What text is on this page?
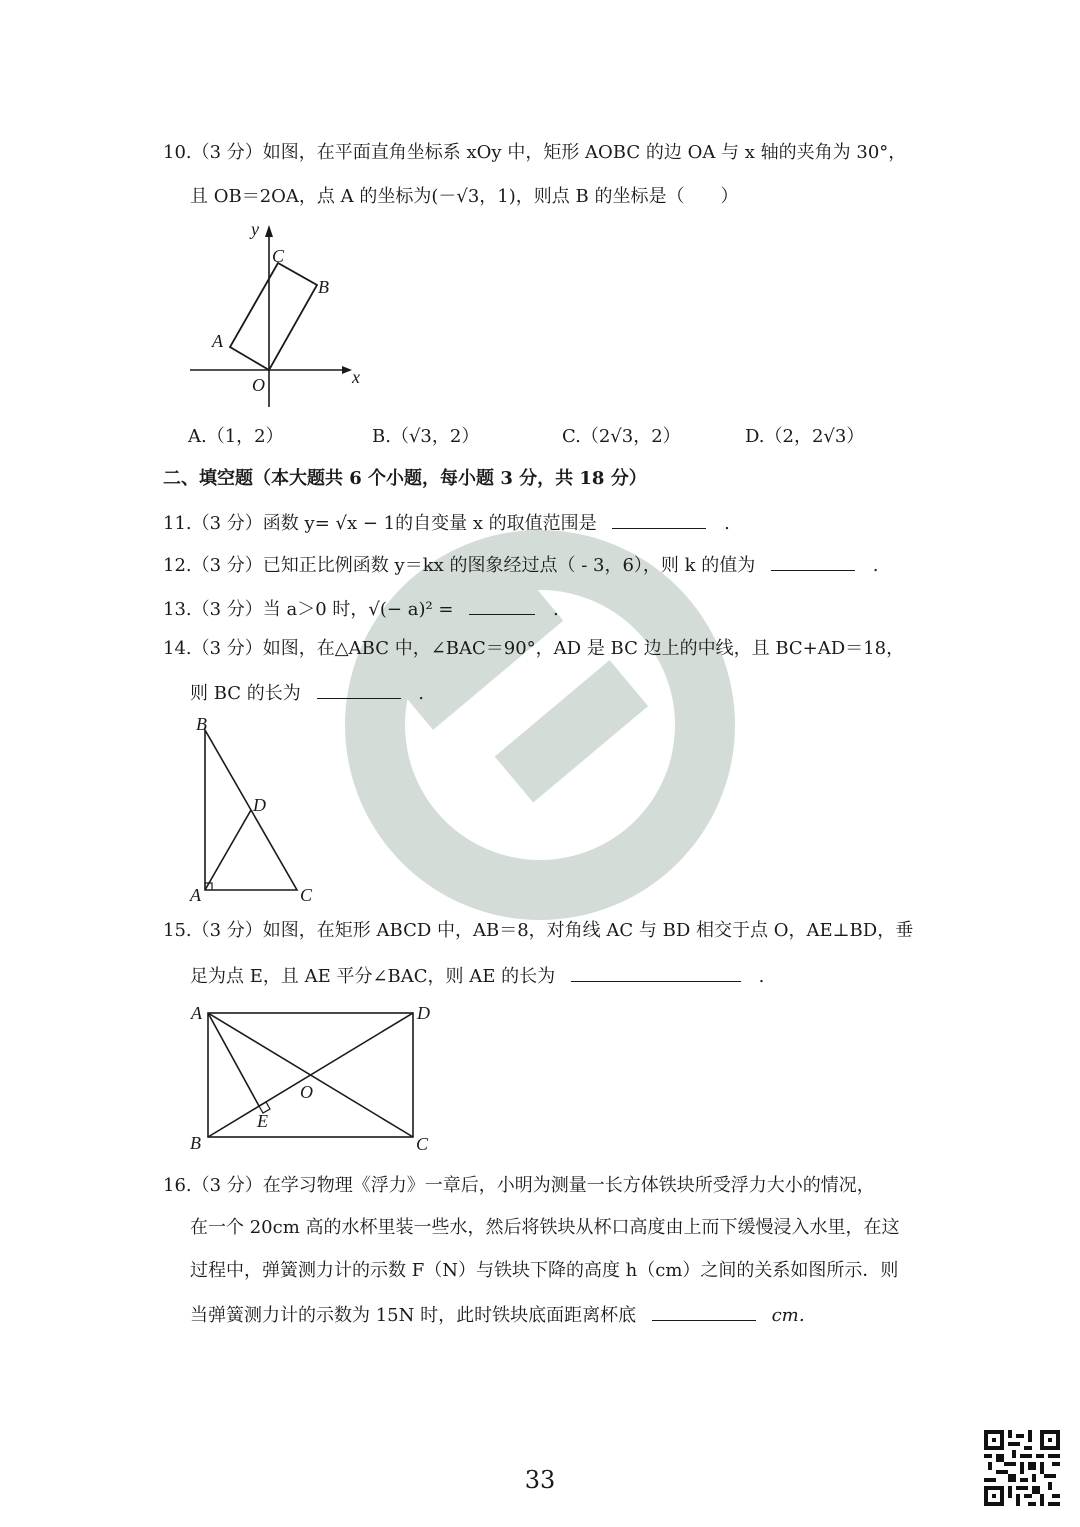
10.（3 分）如图，在平面直角坐标系 xOy 中，矩形 AOBC 的边 OA 与 x 轴的夹角为 30°，
且 OB＝2OA，点 A 的坐标为(－√3，1)，则点 B 的坐标是（　　）
y
x
O
A
B
C
A.（1，2）	B.（√3，2）	C.（2√3，2）	D.（2，2√3）
二、填空题（本大题共 6 个小题，每小题 3 分，共 18 分）
11.（3 分）函数 y= √x − 1的自变量 x 的取值范围是	.
12.（3 分）已知正比例函数 y＝kx 的图象经过点（ - 3，6），则 k 的值为	.
13.（3 分）当 a＞0 时，√(− a)² =	.
14.（3 分）如图，在△ABC 中，∠BAC＝90°，AD 是 BC 边上的中线，且 BC+AD＝18，
则 BC 的长为	.
B
D
A	C
15.（3 分）如图，在矩形 ABCD 中，AB＝8，对角线 AC 与 BD 相交于点 O，AE⊥BD，垂
足为点 E，且 AE 平分∠BAC，则 AE 的长为	.
A	D
B	C
O
E
16.（3 分）在学习物理《浮力》一章后，小明为测量一长方体铁块所受浮力大小的情况，
在一个 20cm 高的水杯里装一些水，然后将铁块从杯口高度由上而下缓慢浸入水里，在这
过程中，弹簧测力计的示数 F（N）与铁块下降的高度 h（cm）之间的关系如图所示．则
当弹簧测力计的示数为 15N 时，此时铁块底面距离杯底	cm．
33
